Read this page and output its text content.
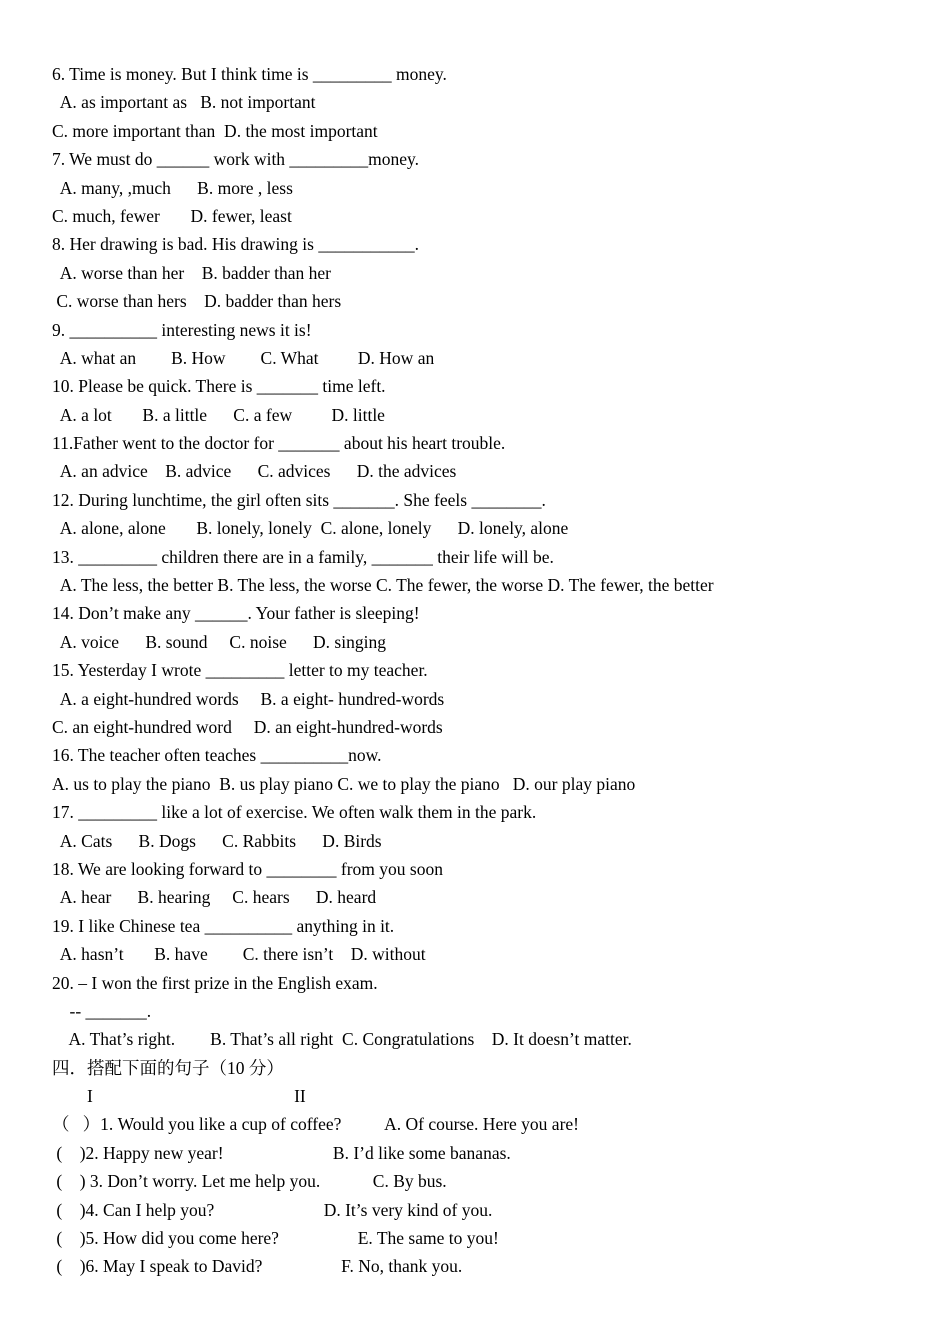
6. Time is money. But I think time is _________ money.
A. as important as   B. not important
C. more important than  D. the most important
7. We must do ______ work with _________money.
A. many, ,much      B. more , less
C. much, fewer       D. fewer, least
8. Her drawing is bad. His drawing is ___________.
A. worse than her    B. badder than her
C. worse than hers    D. badder than hers
9. __________ interesting news it is!
A. what an        B. How        C. What         D. How an
10. Please be quick. There is _______ time left.
A. a lot       B. a little      C. a few         D. little
11.Father went to the doctor for _______ about his heart trouble.
A. an advice    B. advice      C. advices      D. the advices
12. During lunchtime, the girl often sits _______. She feels ________.
A. alone, alone       B. lonely, lonely  C. alone, lonely      D. lonely, alone
13. _________ children there are in a family, _______ their life will be.
A. The less, the better B. The less, the worse C. The fewer, the worse D. The fewer, the better
14. Don’t make any ______. Your father is sleeping!
A. voice      B. sound     C. noise      D. singing
15. Yesterday I wrote _________ letter to my teacher.
A. a eight-hundred words     B. a eight- hundred-words
C. an eight-hundred word     D. an eight-hundred-words
16. The teacher often teaches __________now.
A. us to play the piano  B. us play piano C. we to play the piano   D. our play piano
17. _________ like a lot of exercise. We often walk them in the park.
A. Cats      B. Dogs      C. Rabbits      D. Birds
18. We are looking forward to ________ from you soon
A. hear      B. hearing     C. hears      D. heard
19. I like Chinese tea __________ anything in it.
A. hasn’t       B. have        C. there isn’t    D. without
20. – I won the first prize in the English exam.
-- _______.
A. That’s right.        B. That’s all right  C. Congratulations    D. It doesn’t matter.
四．搭配下面的句子（10 分）
I                                              II
（   ）1. Would you like a cup of coffee?          A. Of course. Here you are!
(    )2. Happy new year!                         B. I’d like some bananas.
(    ) 3. Don’t worry. Let me help you.            C. By bus.
(    )4. Can I help you?                         D. It’s very kind of you.
(    )5. How did you come here?                  E. The same to you!
(    )6. May I speak to David?                  F. No, thank you.
